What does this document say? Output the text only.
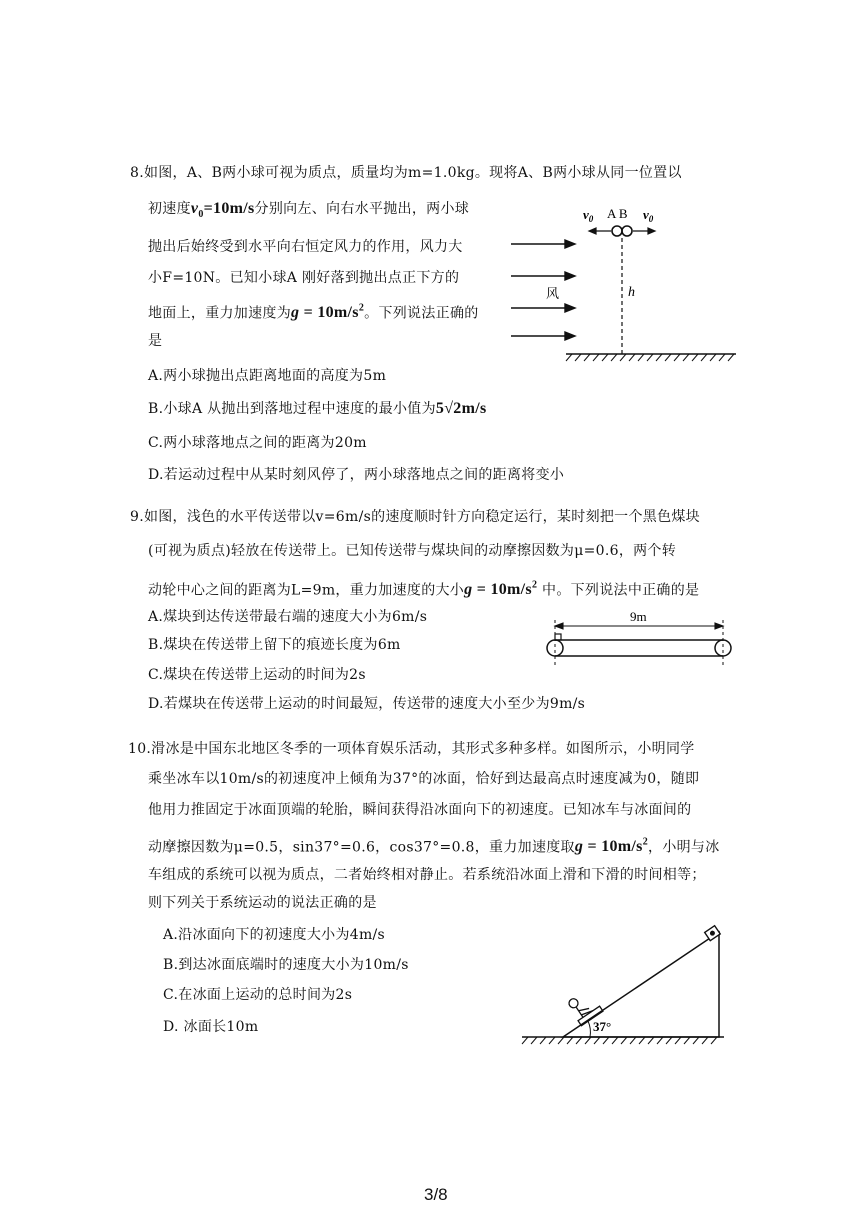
8.如图，A、B两小球可视为质点，质量均为m=1.0kg。现将A、B两小球从同一位置以
初速度$v_0=10m/s$分别向左、向右水平抛出，两小球
抛出后始终受到水平向右恒定风力的作用，风力大
小F=10N。已知小球A 刚好落到抛出点正下方的
地面上，重力加速度为$g = 10m/s^2$。下列说法正确的
是
A.两小球抛出点距离地面的高度为5m
B.小球A 从抛出到落地过程中速度的最小值为5√2m/s
C.两小球落地点之间的距离为20m
D.若运动过程中从某时刻风停了，两小球落地点之间的距离将变小
风
$v_0$	$v_0$
A B
h
9.如图，浅色的水平传送带以v=6m/s的速度顺时针方向稳定运行，某时刻把一个黑色煤块
(可视为质点)轻放在传送带上。已知传送带与煤块间的动摩擦因数为μ=0.6，两个转
动轮中心之间的距离为L=9m，重力加速度的大小$g = 10m/s^2$ 中。下列说法中正确的是
A.煤块到达传送带最右端的速度大小为6m/s
B.煤块在传送带上留下的痕迹长度为6m
C.煤块在传送带上运动的时间为2s
D.若煤块在传送带上运动的时间最短，传送带的速度大小至少为9m/s
9m
10.滑冰是中国东北地区冬季的一项体育娱乐活动，其形式多种多样。如图所示，小明同学
乘坐冰车以10m/s的初速度冲上倾角为37°的冰面，恰好到达最高点时速度减为0，随即
他用力推固定于冰面顶端的轮胎，瞬间获得沿冰面向下的初速度。已知冰车与冰面间的
动摩擦因数为μ=0.5，sin37°=0.6，cos37°=0.8，重力加速度取$g = 10m/s^2$，小明与冰
车组成的系统可以视为质点，二者始终相对静止。若系统沿冰面上滑和下滑的时间相等；
则下列关于系统运动的说法正确的是
A.沿冰面向下的初速度大小为4m/s
B.到达冰面底端时的速度大小为10m/s
C.在冰面上运动的总时间为2s
D. 冰面长10m	37°
3/8
